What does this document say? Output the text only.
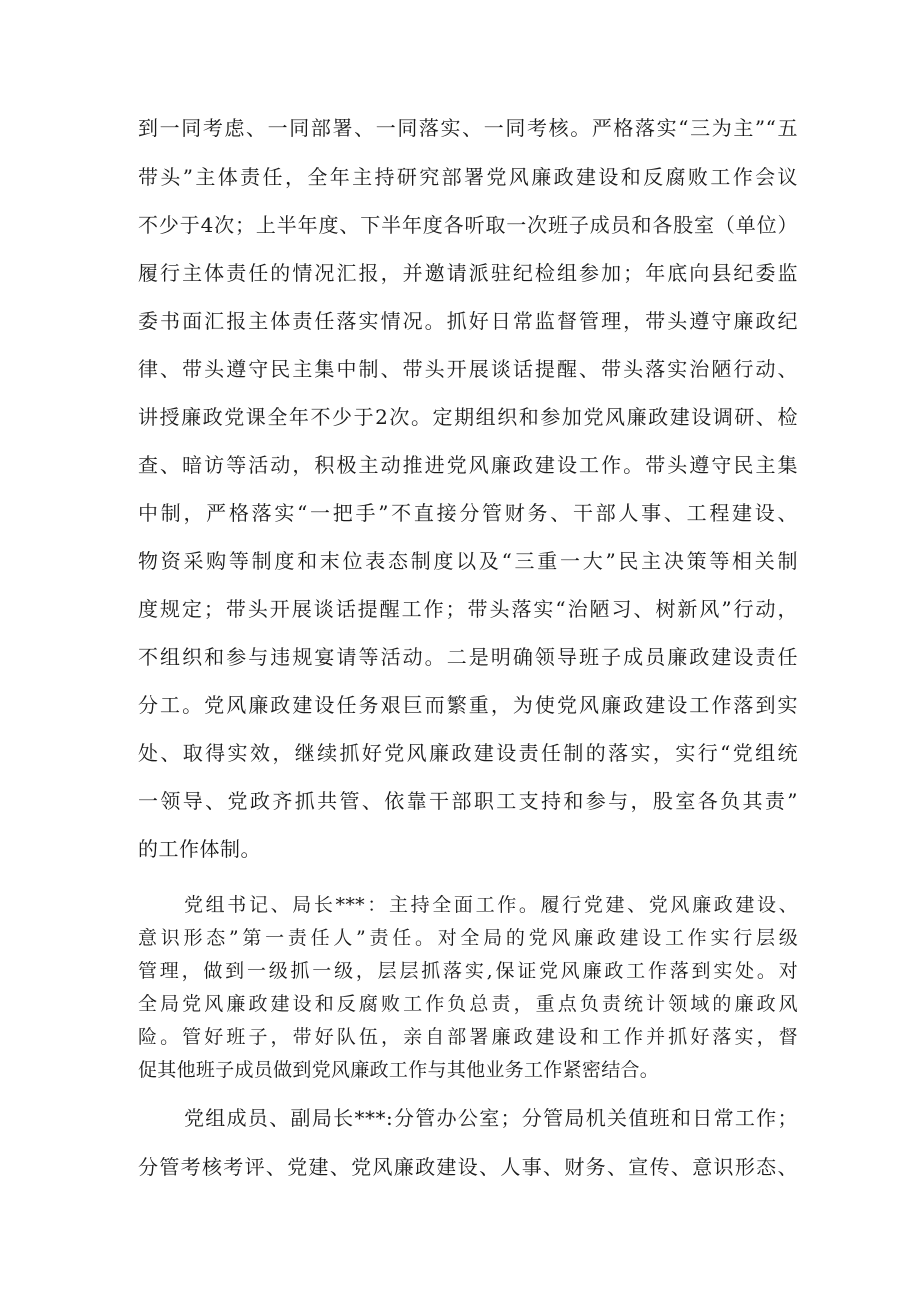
到一同考虑、一同部署、一同落实、一同考核。严格落实“三为主”“五
带头”主体责任，全年主持研究部署党风廉政建设和反腐败工作会议
不少于4次；上半年度、下半年度各听取一次班子成员和各股室（单位）
履行主体责任的情况汇报，并邀请派驻纪检组参加；年底向县纪委监
委书面汇报主体责任落实情况。抓好日常监督管理，带头遵守廉政纪
律、带头遵守民主集中制、带头开展谈话提醒、带头落实治陋行动、
讲授廉政党课全年不少于2次。定期组织和参加党风廉政建设调研、检
查、暗访等活动，积极主动推进党风廉政建设工作。带头遵守民主集
中制，严格落实“一把手”不直接分管财务、干部人事、工程建设、
物资采购等制度和末位表态制度以及“三重一大”民主决策等相关制
度规定；带头开展谈话提醒工作；带头落实“治陋习、树新风”行动，
不组织和参与违规宴请等活动。二是明确领导班子成员廉政建设责任
分工。党风廉政建设任务艰巨而繁重，为使党风廉政建设工作落到实
处、取得实效，继续抓好党风廉政建设责任制的落实，实行“党组统
一领导、党政齐抓共管、依靠干部职工支持和参与，股室各负其责”
的工作体制。
党组书记、局长***：主持全面工作。履行党建、党风廉政建设、
意识形态”第一责任人”责任。对全局的党风廉政建设工作实行层级
管理，做到一级抓一级，层层抓落实,保证党风廉政工作落到实处。对
全局党风廉政建设和反腐败工作负总责，重点负责统计领域的廉政风
险。管好班子，带好队伍，亲自部署廉政建设和工作并抓好落实，督
促其他班子成员做到党风廉政工作与其他业务工作紧密结合。
党组成员、副局长***:分管办公室；分管局机关值班和日常工作；
分管考核考评、党建、党风廉政建设、人事、财务、宣传、意识形态、
